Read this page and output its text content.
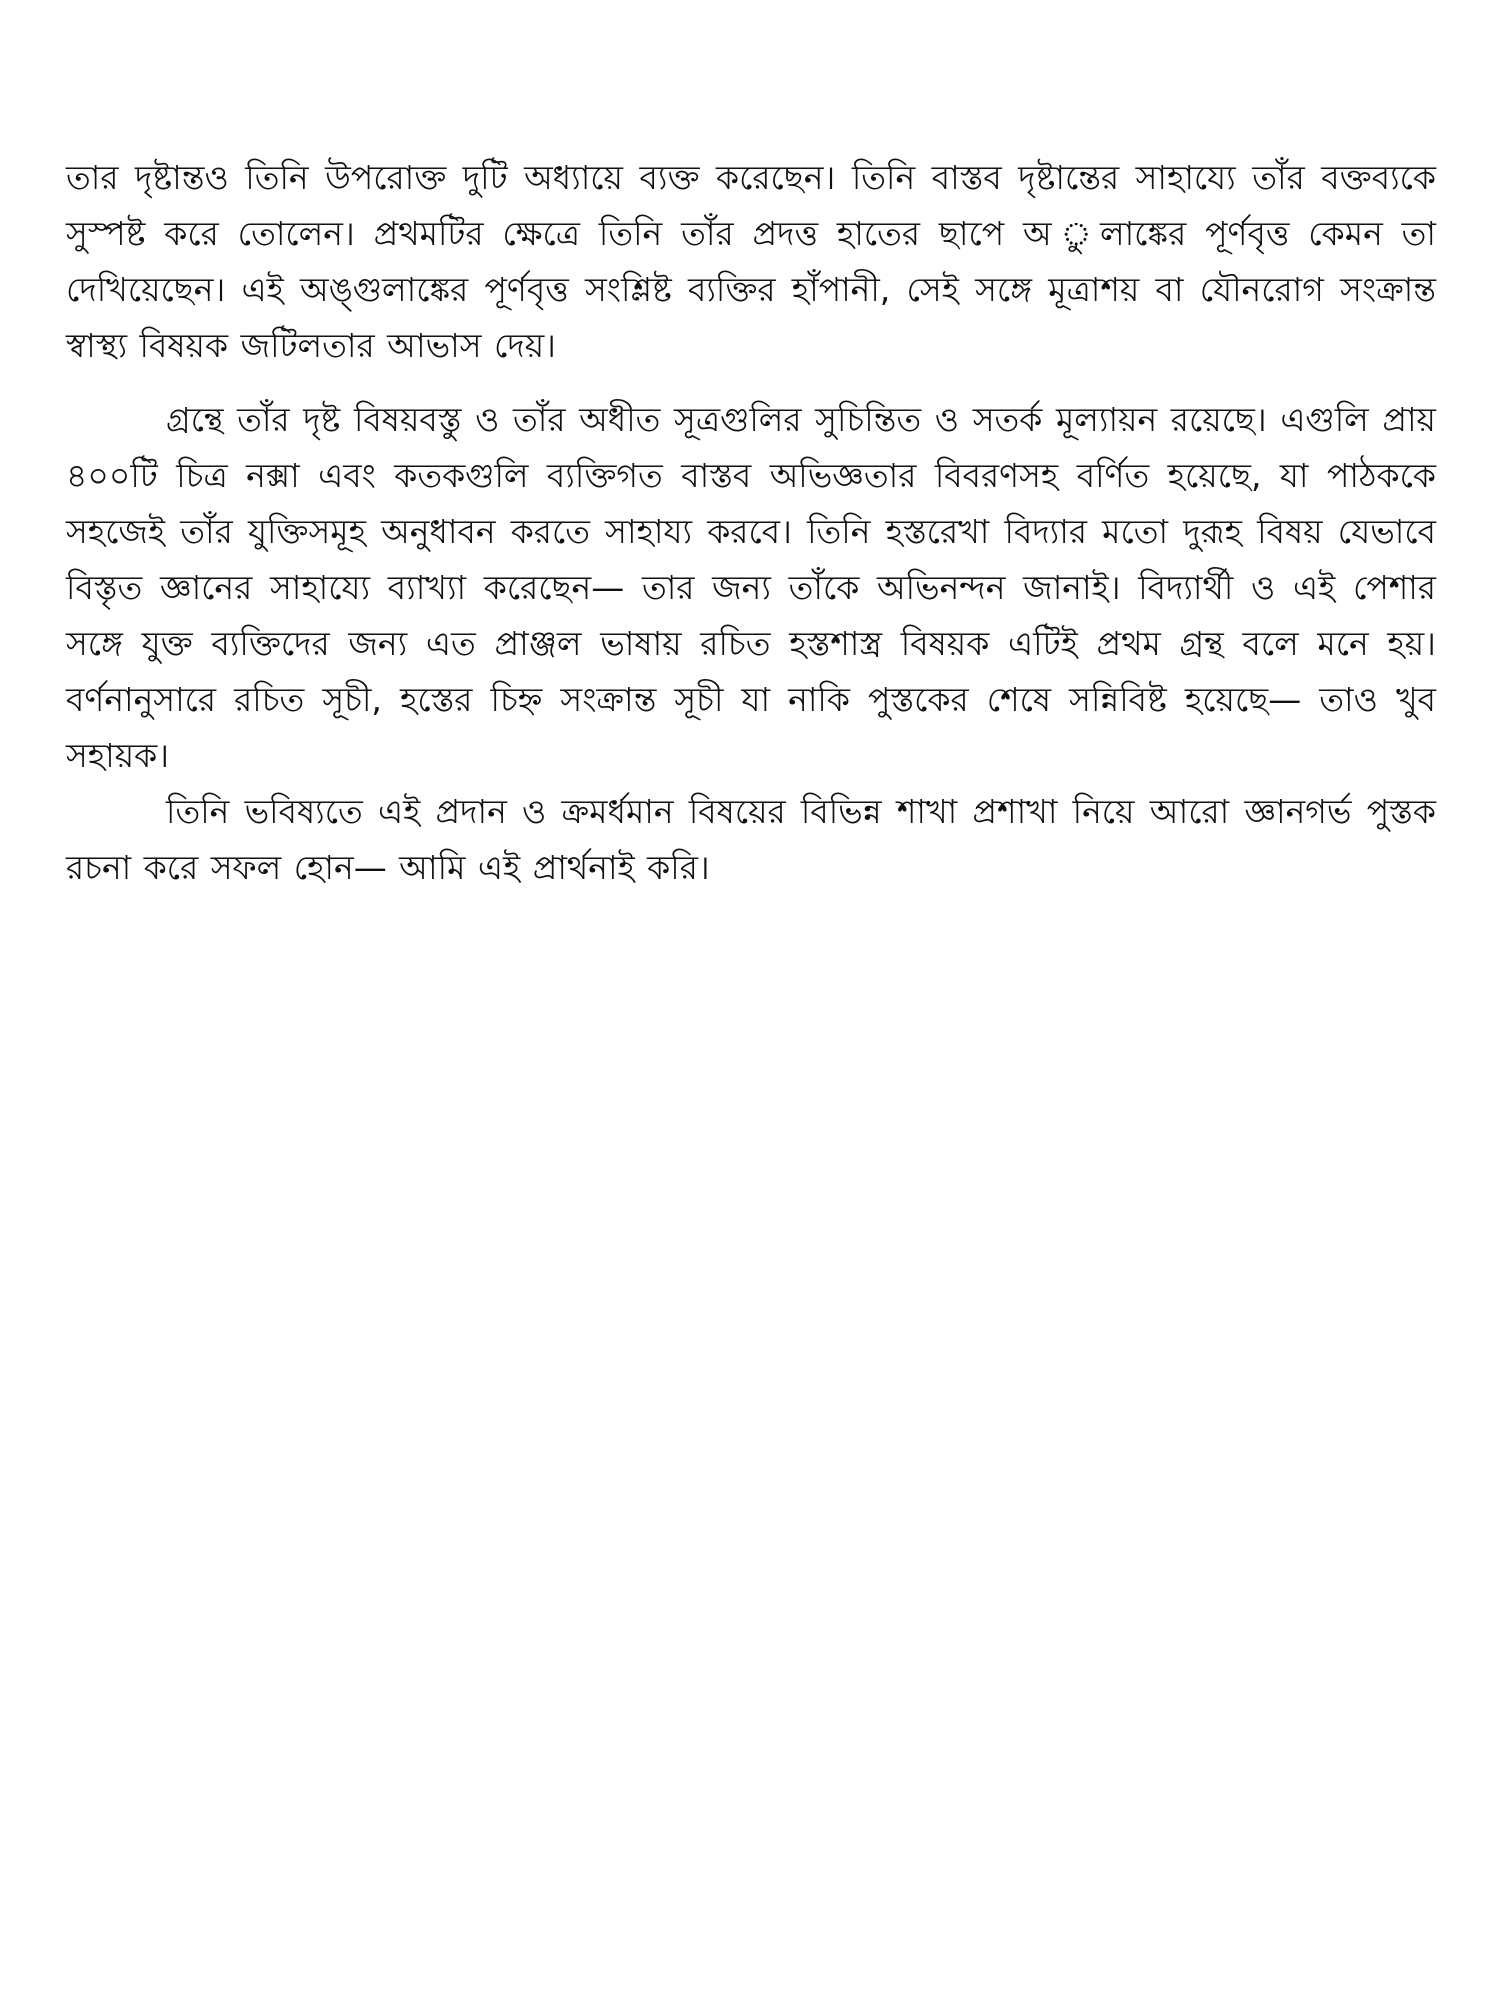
তার দৃষ্টান্তও তিনি উপরোক্ত দুটি অধ্যায়ে ব্যক্ত করেছেন। তিনি বাস্তব দৃষ্টান্তের সাহায্যে তাঁর বক্তব্যকে সুস্পষ্ট করে তোলেন। প্রথমটির ক্ষেত্রে তিনি তাঁর প্রদত্ত হাতের ছাপে অ ুলাঙ্কের পূর্ণবৃত্ত কেমন তা দেখিয়েছেন। এই অঙ্গুলাঙ্কের পূর্ণবৃত্ত সংশ্লিষ্ট ব্যক্তির হাঁপানী, সেই সঙ্গে মূত্রাশয় বা যৌনরোগ সংক্রান্ত স্বাস্থ্য বিষয়ক জটিলতার আভাস দেয়।

গ্রন্থে তাঁর দৃষ্ট বিষয়বস্তু ও তাঁর অধীত সূত্রগুলির সুচিন্তিত ও সতর্ক মূল্যায়ন রয়েছে। এগুলি প্রায় ৪০০টি চিত্র নক্সা এবং কতকগুলি ব্যক্তিগত বাস্তব অভিজ্ঞতার বিবরণসহ বর্ণিত হয়েছে, যা পাঠককে সহজেই তাঁর যুক্তিসমূহ অনুধাবন করতে সাহায্য করবে। তিনি হস্তরেখা বিদ্যার মতো দুরূহ বিষয় যেভাবে বিস্তৃত জ্ঞানের সাহায্যে ব্যাখ্যা করেছেন— তার জন্য তাঁকে অভিনন্দন জানাই। বিদ্যার্থী ও এই পেশার সঙ্গে যুক্ত ব্যক্তিদের জন্য এত প্রাঞ্জল ভাষায় রচিত হস্তশাস্ত্র বিষয়ক এটিই প্রথম গ্রন্থ বলে মনে হয়। বর্ণনানুসারে রচিত সূচী, হস্তের চিহ্ন সংক্রান্ত সূচী যা নাকি পুস্তকের শেষে সন্নিবিষ্ট হয়েছে— তাও খুব সহায়ক।

তিনি ভবিষ্যতে এই প্রদান ও ক্রমর্ধমান বিষয়ের বিভিন্ন শাখা প্রশাখা নিয়ে আরো জ্ঞানগর্ভ পুস্তক রচনা করে সফল হোন— আমি এই প্রার্থনাই করি।
